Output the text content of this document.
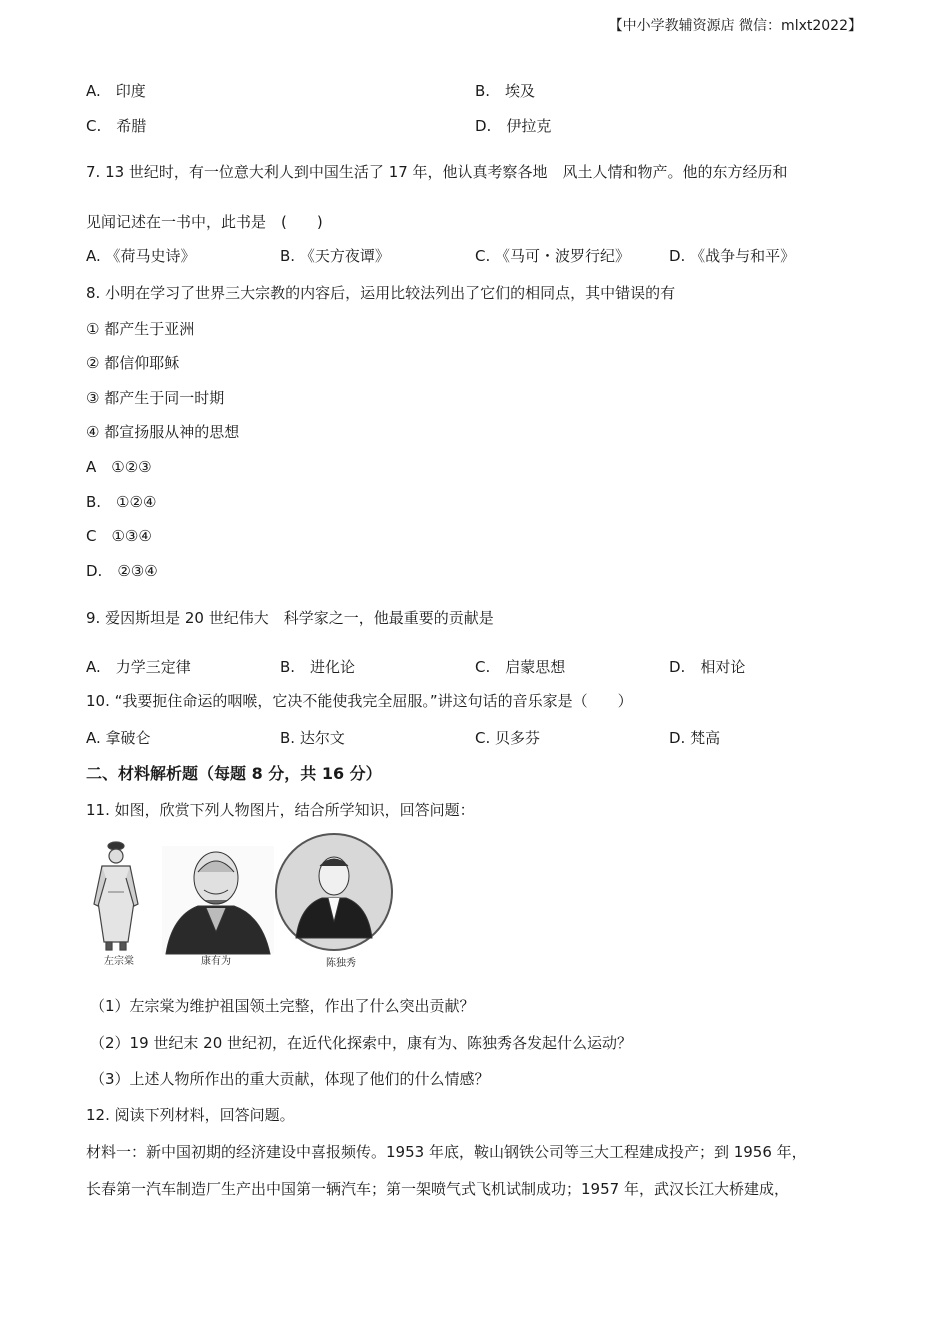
【中小学教辅资源店 微信：mlxt2022】
A.　印度	B.　埃及
C.　希腊	D.　伊拉克
7. 13 世纪时，有一位意大利人到中国生活了 17 年，他认真考察各地　风土人情和物产。他的东方经历和
见闻记述在一书中，此书是　(　　)
A. 《荷马史诗》	B. 《天方夜谭》	C. 《马可・波罗行纪》	D. 《战争与和平》
8. 小明在学习了世界三大宗教的内容后，运用比较法列出了它们的相同点，其中错误的有
① 都产生于亚洲
② 都信仰耶稣
③ 都产生于同一时期
④ 都宣扬服从神的思想
A　①②③
B.　①②④
C　①③④
D.　②③④
9. 爱因斯坦是 20 世纪伟大　科学家之一，他最重要的贡献是
A.　力学三定律	B.　进化论	C.　启蒙思想	D.　相对论
10. “我要扼住命运的咽喉，它决不能使我完全屈服。”讲这句话的音乐家是（　　）
A. 拿破仑	B. 达尔文	C. 贝多芬	D. 梵高
二、材料解析题（每题 8 分，共 16 分）
11. 如图，欣赏下列人物图片，结合所学知识，回答问题：
左宗棠	康有为	陈独秀
（1）左宗棠为维护祖国领土完整，作出了什么突出贡献？
（2）19 世纪末 20 世纪初，在近代化探索中，康有为、陈独秀各发起什么运动？
（3）上述人物所作出的重大贡献，体现了他们的什么情感？
12. 阅读下列材料，回答问题。
材料一：新中国初期的经济建设中喜报频传。1953 年底，鞍山钢铁公司等三大工程建成投产；到 1956 年，
长春第一汽车制造厂生产出中国第一辆汽车；第一架喷气式飞机试制成功；1957 年，武汉长江大桥建成，
